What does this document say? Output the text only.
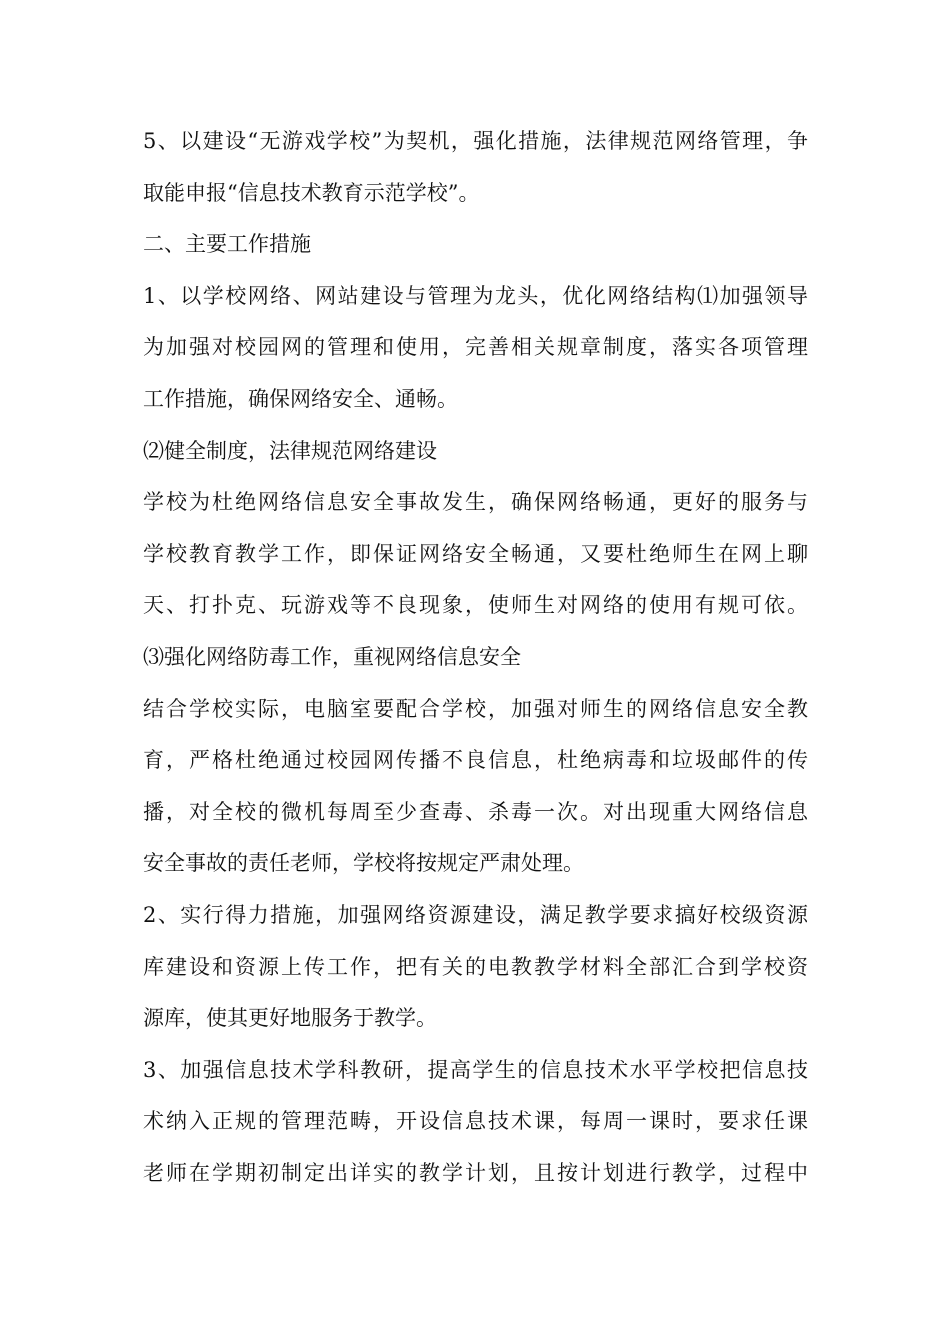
5、以建设“无游戏学校”为契机，强化措施，法律规范网络管理，争
取能申报“信息技术教育示范学校”。
二、主要工作措施
1、以学校网络、网站建设与管理为龙头，优化网络结构⑴加强领导
为加强对校园网的管理和使用，完善相关规章制度，落实各项管理
工作措施，确保网络安全、通畅。
⑵健全制度，法律规范网络建设
学校为杜绝网络信息安全事故发生，确保网络畅通，更好的服务与
学校教育教学工作，即保证网络安全畅通，又要杜绝师生在网上聊
天、打扑克、玩游戏等不良现象，使师生对网络的使用有规可依。
⑶强化网络防毒工作，重视网络信息安全
结合学校实际，电脑室要配合学校，加强对师生的网络信息安全教
育，严格杜绝通过校园网传播不良信息，杜绝病毒和垃圾邮件的传
播，对全校的微机每周至少查毒、杀毒一次。对出现重大网络信息
安全事故的责任老师，学校将按规定严肃处理。
2、实行得力措施，加强网络资源建设，满足教学要求搞好校级资源
库建设和资源上传工作，把有关的电教教学材料全部汇合到学校资
源库，使其更好地服务于教学。
3、加强信息技术学科教研，提高学生的信息技术水平学校把信息技
术纳入正规的管理范畴，开设信息技术课，每周一课时，要求任课
老师在学期初制定出详实的教学计划，且按计划进行教学，过程中
